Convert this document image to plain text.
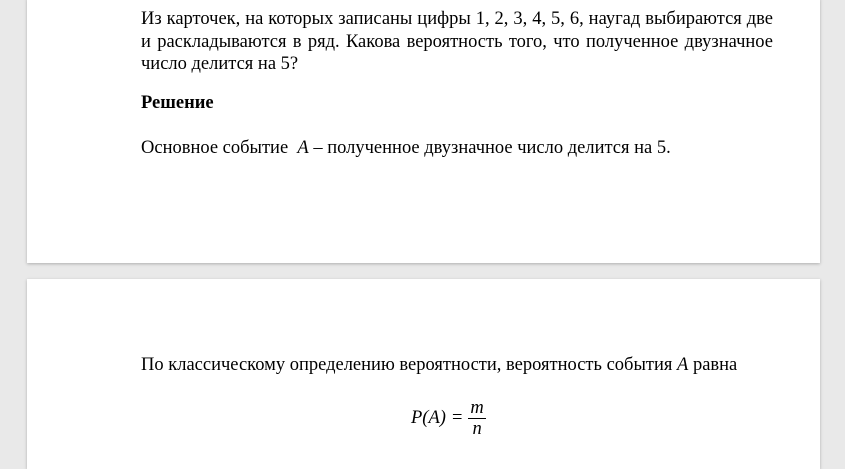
Из карточек, на которых записаны цифры 1, 2, 3, 4, 5, 6, наугад выбираются две и раскладываются в ряд. Какова вероятность того, что полученное двузначное число делится на 5?

Решение

Основное событие A – полученное двузначное число делится на 5.

По классическому определению вероятности, вероятность события A равна

$P(A) = \frac{m}{n}$
